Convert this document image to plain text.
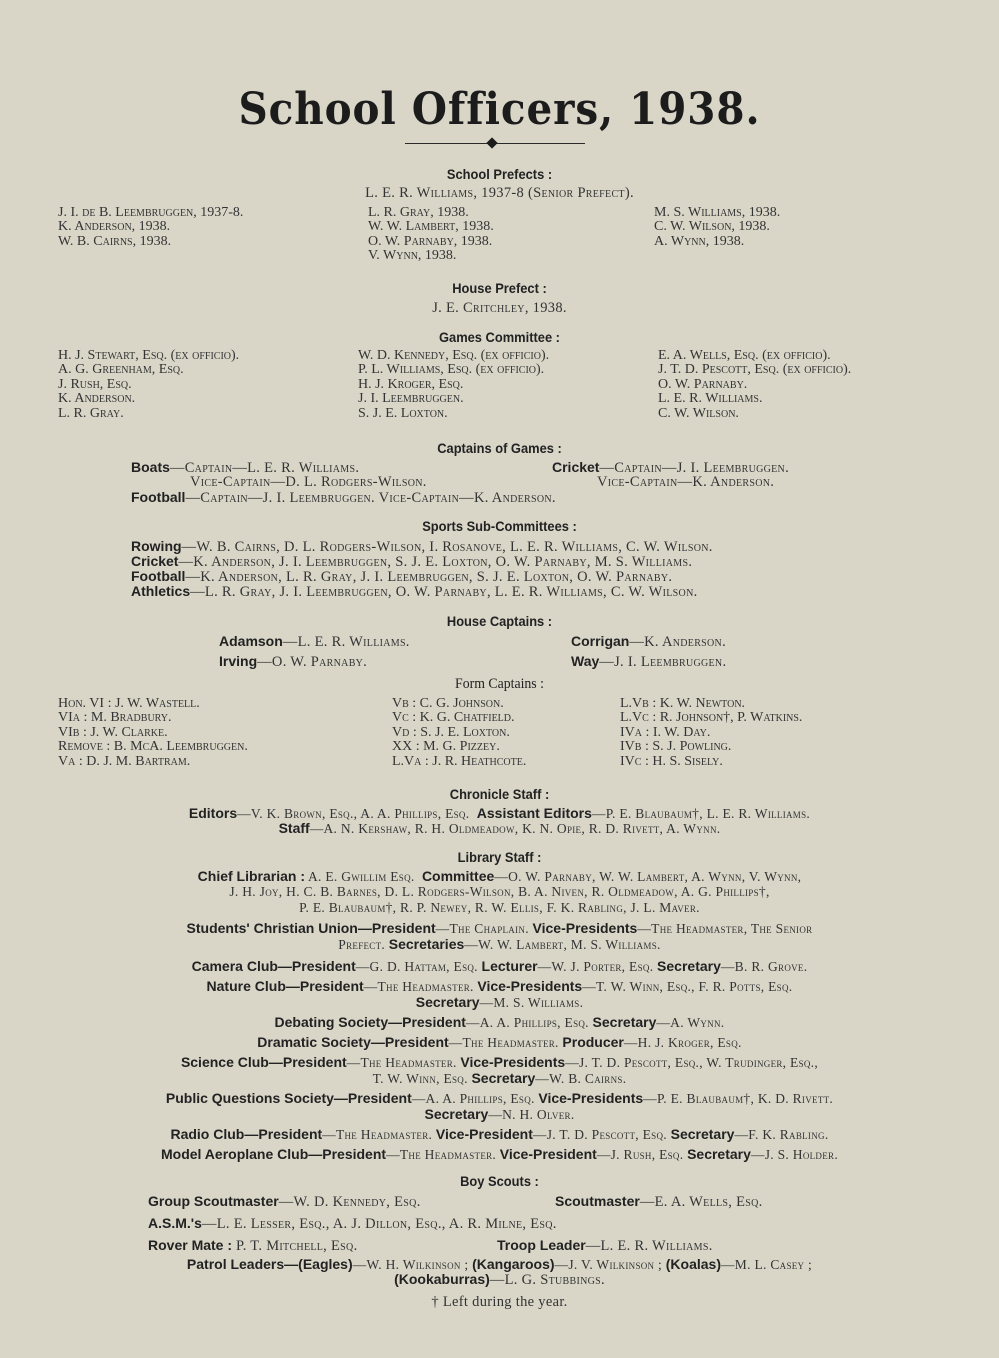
School Officers, 1938.
School Prefects :
L. E. R. Williams, 1937-8 (Senior Prefect).
J. I. de B. Leembruggen, 1937-8.
K. Anderson, 1938.
W. B. Cairns, 1938.
L. R. Gray, 1938.
W. W. Lambert, 1938.
O. W. Parnaby, 1938.
V. Wynn, 1938.
M. S. Williams, 1938.
C. W. Wilson, 1938.
A. Wynn, 1938.
House Prefect :
J. E. Critchley, 1938.
Games Committee :
H. J. Stewart, Esq. (ex officio).
A. G. Greenham, Esq.
J. Rush, Esq.
K. Anderson.
L. R. Gray.
W. D. Kennedy, Esq. (ex officio).
P. L. Williams, Esq. (ex officio).
H. J. Kroger, Esq.
J. I. Leembruggen.
S. J. E. Loxton.
E. A. Wells, Esq. (ex officio).
J. T. D. Pescott, Esq. (ex officio).
O. W. Parnaby.
L. E. R. Williams.
C. W. Wilson.
Captains of Games :
Boats—Captain—L. E. R. Williams.	Cricket—Captain—J. I. Leembruggen.
Vice-Captain—D. L. Rodgers-Wilson.	Vice-Captain—K. Anderson.
Football—Captain—J. I. Leembruggen. Vice-Captain—K. Anderson.
Sports Sub-Committees :
Rowing—W. B. Cairns, D. L. Rodgers-Wilson, I. Rosanove, L. E. R. Williams, C. W. Wilson.
Cricket—K. Anderson, J. I. Leembruggen, S. J. E. Loxton, O. W. Parnaby, M. S. Williams.
Football—K. Anderson, L. R. Gray, J. I. Leembruggen, S. J. E. Loxton, O. W. Parnaby.
Athletics—L. R. Gray, J. I. Leembruggen, O. W. Parnaby, L. E. R. Williams, C. W. Wilson.
House Captains :
Adamson—L. E. R. Williams.	Corrigan—K. Anderson.
Irving—O. W. Parnaby.	Way—J. I. Leembruggen.
Form Captains :
Hon. VI : J. W. Wastell.
VIa : M. Bradbury.
VIb : J. W. Clarke.
Remove : B. McA. Leembruggen.
Va : D. J. M. Bartram.
Vb : C. G. Johnson.
Vc : K. G. Chatfield.
Vd : S. J. E. Loxton.
XX : M. G. Pizzey.
L.Va : J. R. Heathcote.
L.Vb : K. W. Newton.
L.Vc : R. Johnson†, P. Watkins.
IVa : I. W. Day.
IVb : S. J. Powling.
IVc : H. S. Sisely.
Chronicle Staff :
Editors—V. K. Brown, Esq., A. A. Phillips, Esq. Assistant Editors—P. E. Blaubaum†, L. E. R. Williams.
Staff—A. N. Kershaw, R. H. Oldmeadow, K. N. Opie, R. D. Rivett, A. Wynn.
Library Staff :
Chief Librarian : A. E. Gwillim Esq. Committee—O. W. Parnaby, W. W. Lambert, A. Wynn, V. Wynn,
J. H. Joy, H. C. B. Barnes, D. L. Rodgers-Wilson, B. A. Niven, R. Oldmeadow, A. G. Phillips†,
P. E. Blaubaum†, R. P. Newey, R. W. Ellis, F. K. Rabling, J. L. Maver.
Students' Christian Union—President—The Chaplain. Vice-Presidents—The Headmaster, The Senior
Prefect. Secretaries—W. W. Lambert, M. S. Williams.
Camera Club—President—G. D. Hattam, Esq. Lecturer—W. J. Porter, Esq. Secretary—B. R. Grove.
Nature Club—President—The Headmaster. Vice-Presidents—T. W. Winn, Esq., F. R. Potts, Esq.
Secretary—M. S. Williams.
Debating Society—President—A. A. Phillips, Esq. Secretary—A. Wynn.
Dramatic Society—President—The Headmaster. Producer—H. J. Kroger, Esq.
Science Club—President—The Headmaster. Vice-Presidents—J. T. D. Pescott, Esq., W. Trudinger, Esq.,
T. W. Winn, Esq. Secretary—W. B. Cairns.
Public Questions Society—President—A. A. Phillips, Esq. Vice-Presidents—P. E. Blaubaum†, K. D. Rivett.
Secretary—N. H. Olver.
Radio Club—President—The Headmaster. Vice-President—J. T. D. Pescott, Esq. Secretary—F. K. Rabling.
Model Aeroplane Club—President—The Headmaster. Vice-President—J. Rush, Esq. Secretary—J. S. Holder.
Boy Scouts :
Group Scoutmaster—W. D. Kennedy, Esq.	Scoutmaster—E. A. Wells, Esq.
A.S.M.'s—L. E. Lesser, Esq., A. J. Dillon, Esq., A. R. Milne, Esq.
Rover Mate : P. T. Mitchell, Esq.	Troop Leader—L. E. R. Williams.
Patrol Leaders—(Eagles)—W. H. Wilkinson ; (Kangaroos)—J. V. Wilkinson ; (Koalas)—M. L. Casey ;
(Kookaburras)—L. G. Stubbings.
† Left during the year.
